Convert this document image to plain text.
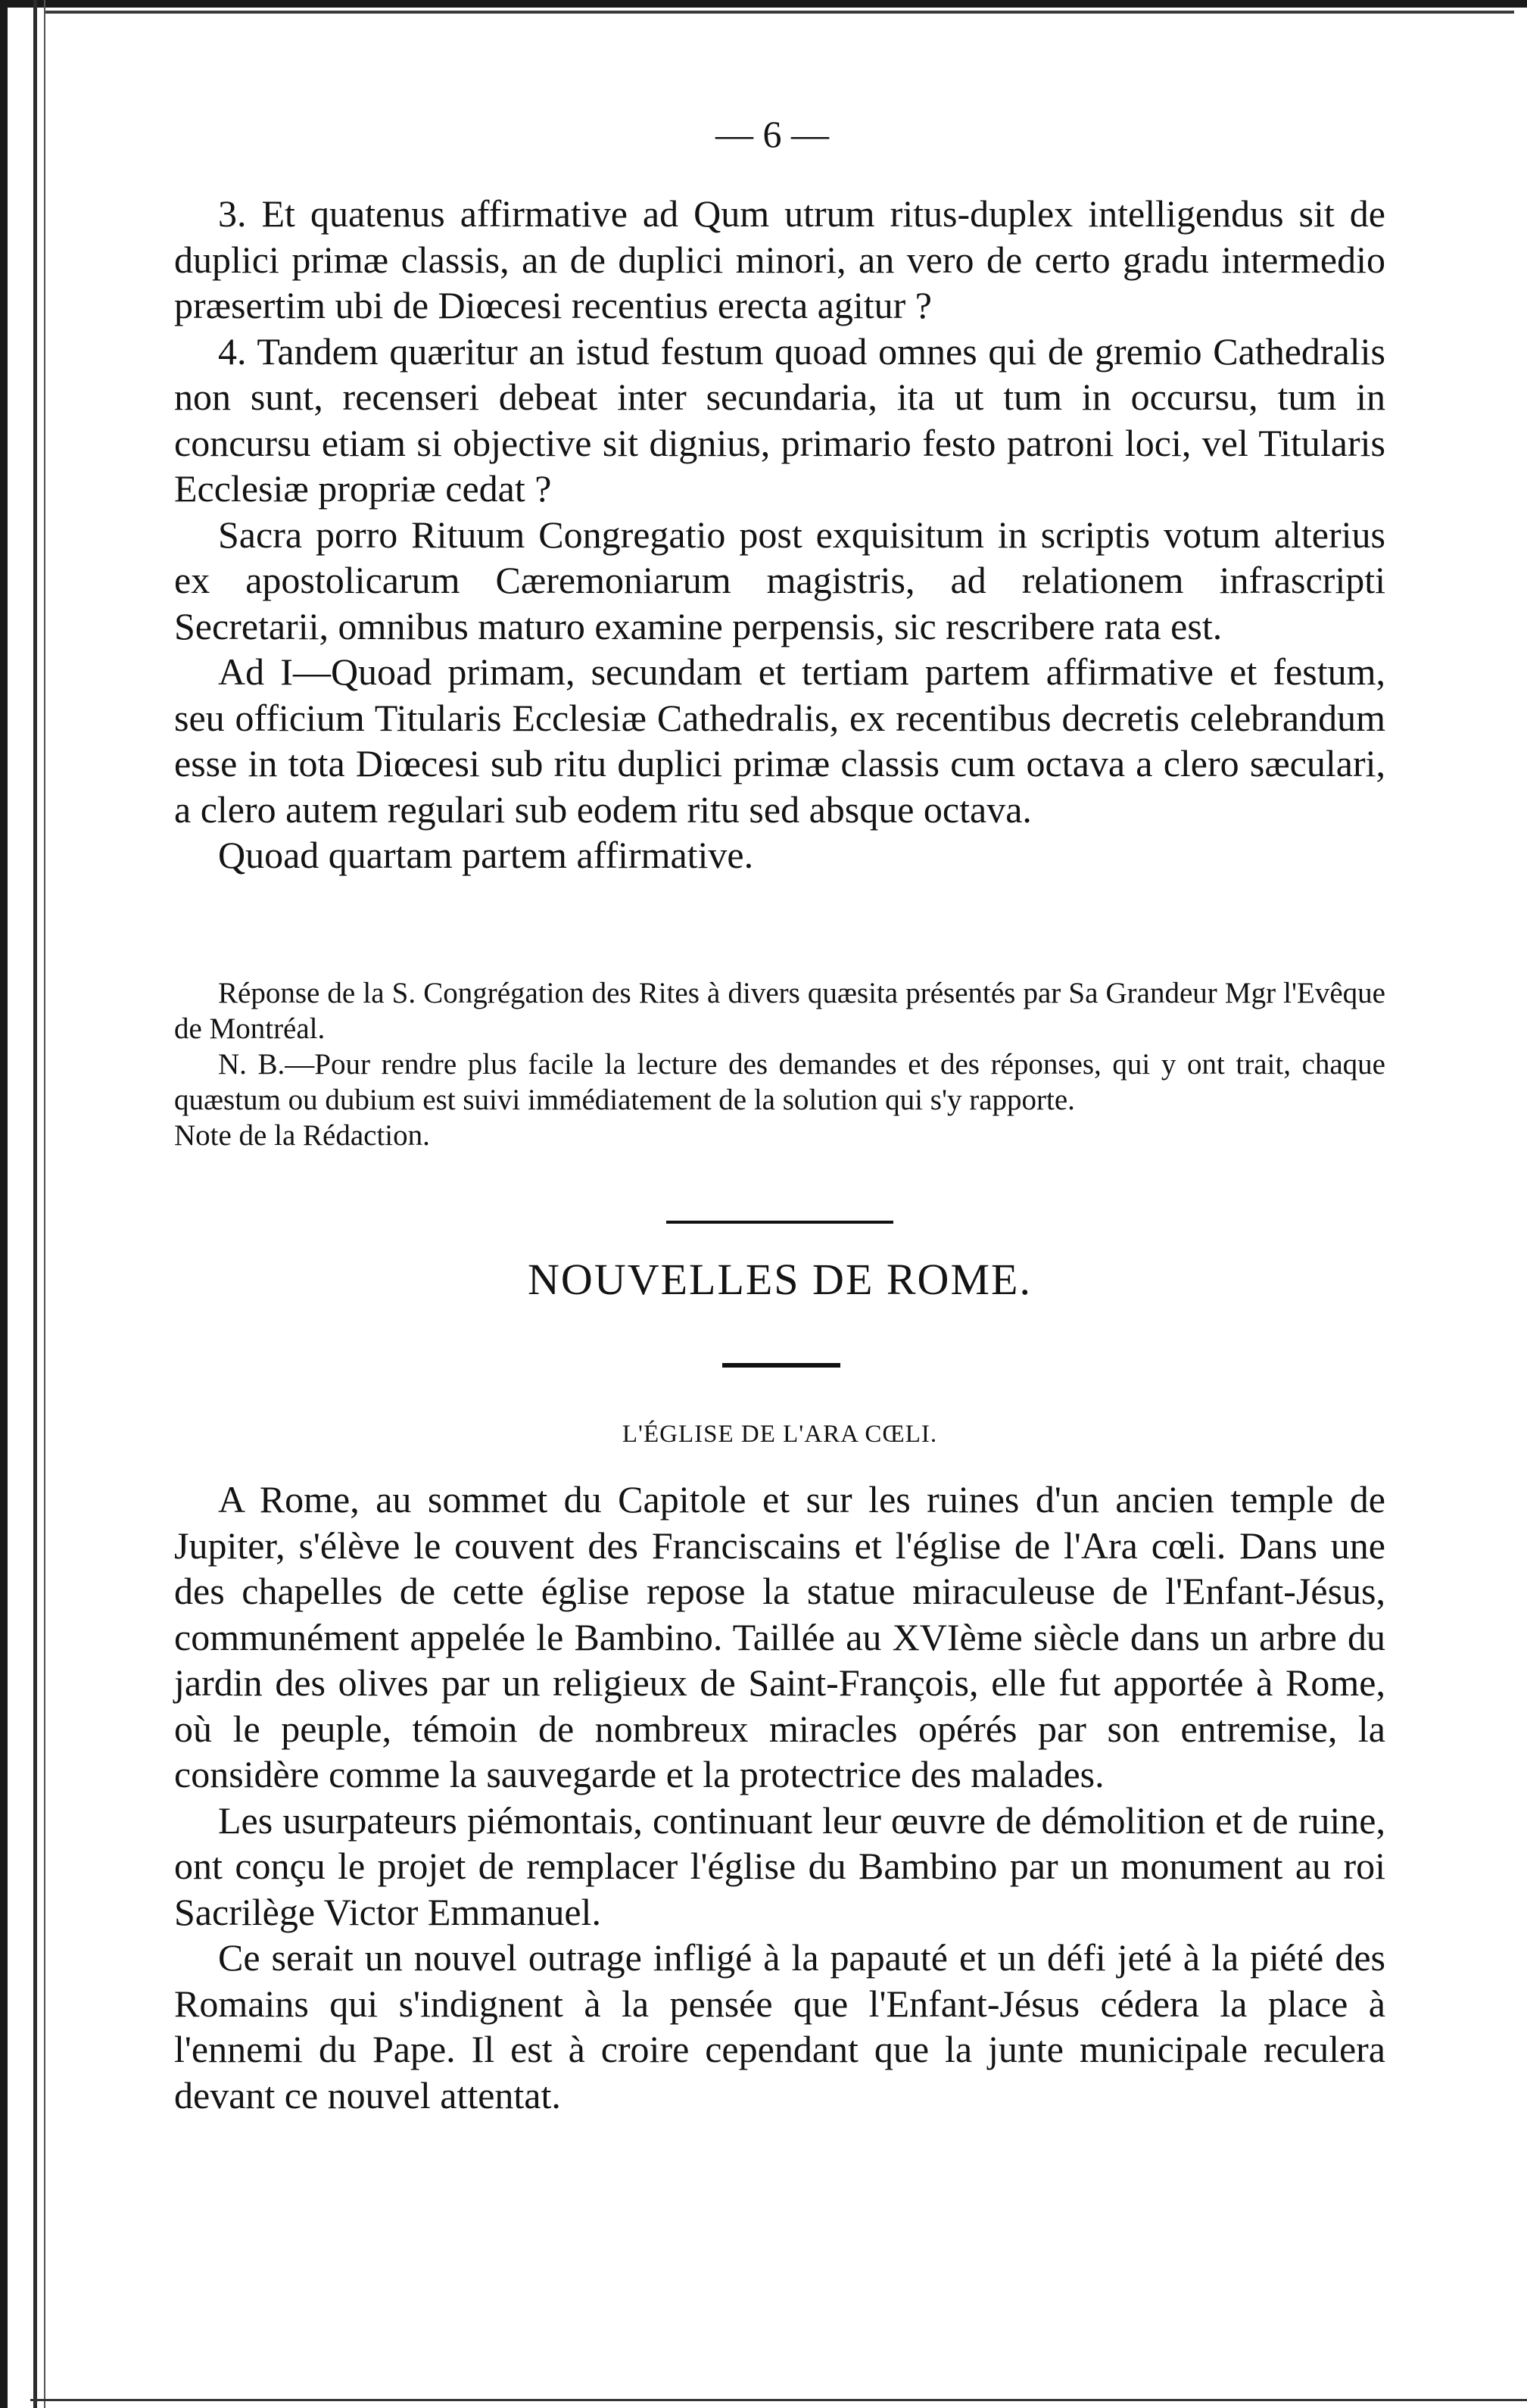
— 6 —

3. Et quatenus affirmative ad Qum utrum ritus-duplex intelligendus sit de duplici primæ classis, an de duplici minori, an vero de certo gradu intermedio præsertim ubi de Diœcesi recentius erecta agitur ?

4. Tandem quæritur an istud festum quoad omnes qui de gremio Cathedralis non sunt, recenseri debeat inter secundaria, ita ut tum in occursu, tum in concursu etiam si objective sit dignius, primario festo patroni loci, vel Titularis Ecclesiæ propriæ cedat ?

Sacra porro Rituum Congregatio post exquisitum in scriptis votum alterius ex apostolicarum Cæremoniarum magistris, ad relationem infrascripti Secretarii, omnibus maturo examine perpensis, sic rescribere rata est.

Ad I—Quoad primam, secundam et tertiam partem affirmative et festum, seu officium Titularis Ecclesiæ Cathedralis, ex recentibus decretis celebrandum esse in tota Diœcesi sub ritu duplici primæ classis cum octava a clero sæculari, a clero autem regulari sub eodem ritu sed absque octava.

Quoad quartam partem affirmative.

Réponse de la S. Congrégation des Rites à divers quæsita présentés par Sa Grandeur Mgr l'Evêque de Montréal.

N. B.—Pour rendre plus facile la lecture des demandes et des réponses, qui y ont trait, chaque quæstum ou dubium est suivi immédiatement de la solution qui s'y rapporte.

Note de la Rédaction.

NOUVELLES DE ROME.
L'ÉGLISE DE L'ARA CŒLI.

A Rome, au sommet du Capitole et sur les ruines d'un ancien temple de Jupiter, s'élève le couvent des Franciscains et l'église de l'Ara cœli. Dans une des chapelles de cette église repose la statue miraculeuse de l'Enfant-Jésus, communément appelée le Bambino. Taillée au XVIème siècle dans un arbre du jardin des olives par un religieux de Saint-François, elle fut apportée à Rome, où le peuple, témoin de nombreux miracles opérés par son entremise, la considère comme la sauvegarde et la protectrice des malades.

Les usurpateurs piémontais, continuant leur œuvre de démolition et de ruine, ont conçu le projet de remplacer l'église du Bambino par un monument au roi Sacrilège Victor Emmanuel.

Ce serait un nouvel outrage infligé à la papauté et un défi jeté à la piété des Romains qui s'indignent à la pensée que l'Enfant-Jésus cédera la place à l'ennemi du Pape. Il est à croire cependant que la junte municipale reculera devant ce nouvel attentat.
